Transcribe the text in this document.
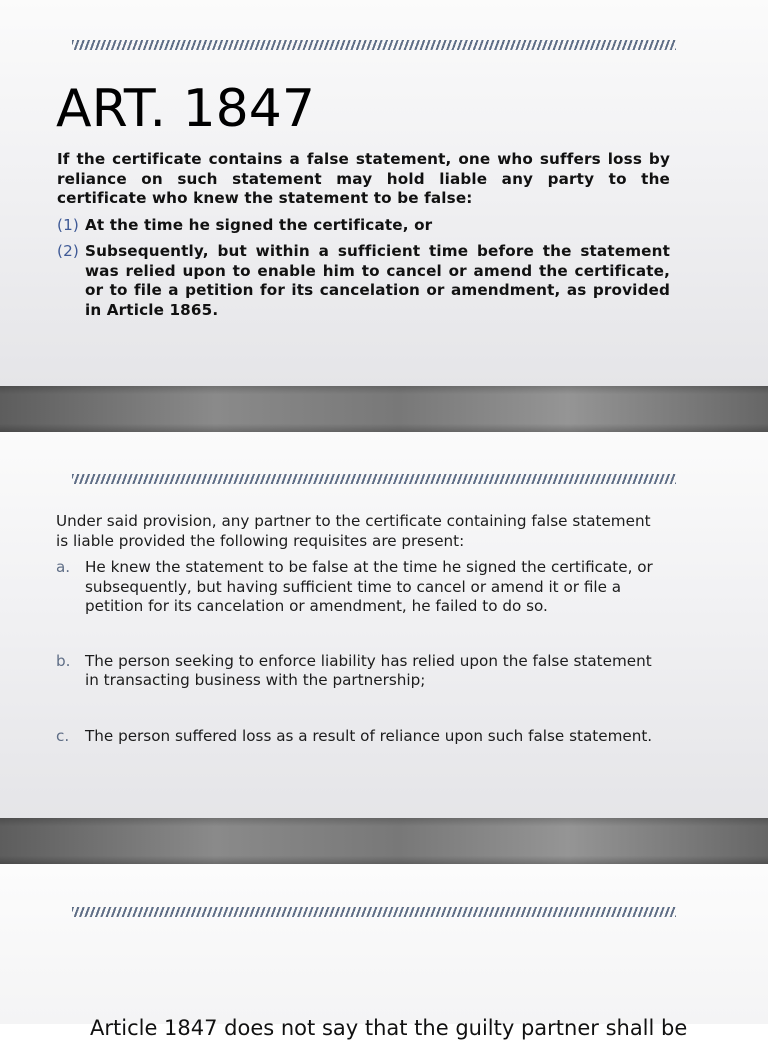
ART. 1847

If the certificate contains a false statement, one who suffers loss by reliance on such statement may hold liable any party to the certificate who knew the statement to be false:

(1) At the time he signed the certificate, or
(2) Subsequently, but within a sufficient time before the statement was relied upon to enable him to cancel or amend the certificate, or to file a petition for its cancelation or amendment, as provided in Article 1865.

Under said provision, any partner to the certificate containing false statement is liable provided the following requisites are present:

a. He knew the statement to be false at the time he signed the certificate, or subsequently, but having sufficient time to cancel or amend it or file a petition for its cancelation or amendment, he failed to do so.
b. The person seeking to enforce liability has relied upon the false statement in transacting business with the partnership;
c.	The person suffered loss as a result of reliance upon such false statement.
Article 1847 does not say that the guilty partner shall be
